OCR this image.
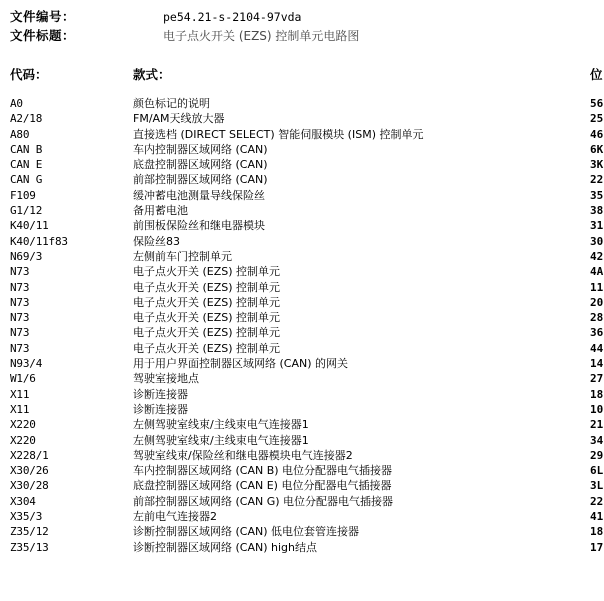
文件编号：	pe54.21-s-2104-97vda
文件标题：	电子点火开关 (EZS) 控制单元电路图
代码：	款式：	位
A0	颜色标记的说明	56
A2/18	FM/AM天线放大器	25
A80	直接选档 (DIRECT SELECT) 智能伺服模块 (ISM) 控制单元	46
CAN B	车内控制器区域网络 (CAN)	6K
CAN E	底盘控制器区域网络 (CAN)	3K
CAN G	前部控制器区域网络 (CAN)	22
F109	缓冲蓄电池测量导线保险丝	35
G1/12	备用蓄电池	38
K40/11	前围板保险丝和继电器模块	31
K40/11f83	保险丝83	30
N69/3	左侧前车门控制单元	42
N73	电子点火开关 (EZS) 控制单元	4A
N73	电子点火开关 (EZS) 控制单元	11
N73	电子点火开关 (EZS) 控制单元	20
N73	电子点火开关 (EZS) 控制单元	28
N73	电子点火开关 (EZS) 控制单元	36
N73	电子点火开关 (EZS) 控制单元	44
N93/4	用于用户界面控制器区域网络 (CAN) 的网关	14
W1/6	驾驶室接地点	27
X11	诊断连接器	18
X11	诊断连接器	10
X220	左侧驾驶室线束/主线束电气连接器1	21
X220	左侧驾驶室线束/主线束电气连接器1	34
X228/1	驾驶室线束/保险丝和继电器模块电气连接器2	29
X30/26	车内控制器区域网络 (CAN B) 电位分配器电气插接器	6L
X30/28	底盘控制器区域网络 (CAN E) 电位分配器电气插接器	3L
X304	前部控制器区域网络 (CAN G) 电位分配器电气插接器	22
X35/3	左前电气连接器2	41
Z35/12	诊断控制器区域网络 (CAN) 低电位套管连接器	18
Z35/13	诊断控制器区域网络 (CAN) high结点	17
